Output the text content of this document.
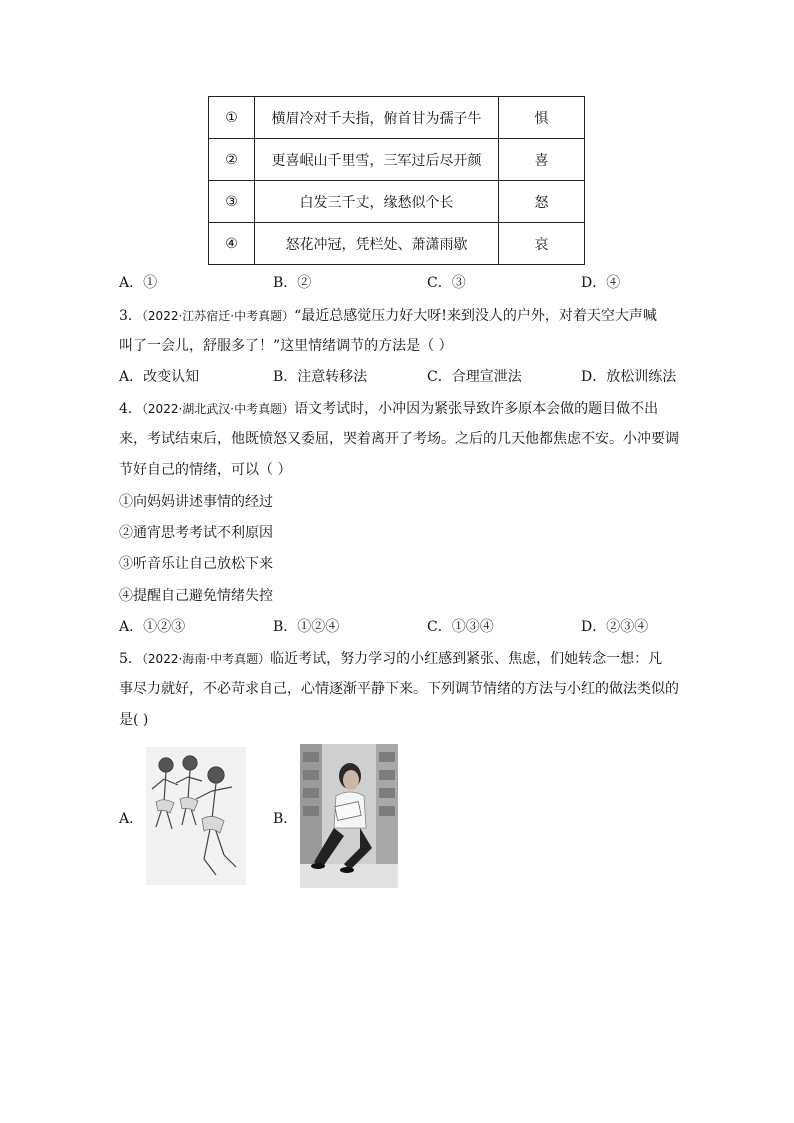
①	横眉冷对千夫指，俯首甘为孺子牛	惧
②	更喜岷山千里雪，三军过后尽开颜	喜
③	白发三千丈，缘愁似个长	怒
④	怒花冲冠，凭栏处、萧潇雨歇	哀
A．①	B．②	C．③	D．④
3．（2022·江苏宿迁·中考真题）“最近总感觉压力好大呀!来到没人的户外，对着天空大声喊
叫了一会儿，舒服多了！”这里情绪调节的方法是（ ）
A．改变认知	B．注意转移法	C．合理宣泄法	D．放松训练法
4．（2022·湖北武汉·中考真题）语文考试时，小冲因为紧张导致许多原本会做的题目做不出
来，考试结束后，他既愤怒又委屈，哭着离开了考场。之后的几天他都焦虑不安。小冲要调
节好自己的情绪，可以（ ）
①向妈妈讲述事情的经过
②通宵思考考试不利原因
③听音乐让自己放松下来
④提醒自己避免情绪失控
A．①②③	B．①②④	C．①③④	D．②③④
5．（2022·海南·中考真题）临近考试，努力学习的小红感到紧张、焦虑，们她转念一想：凡
事尽力就好，不必苛求自己，心情逐渐平静下来。下列调节情绪的方法与小红的做法类似的
是( )
A．	B．
